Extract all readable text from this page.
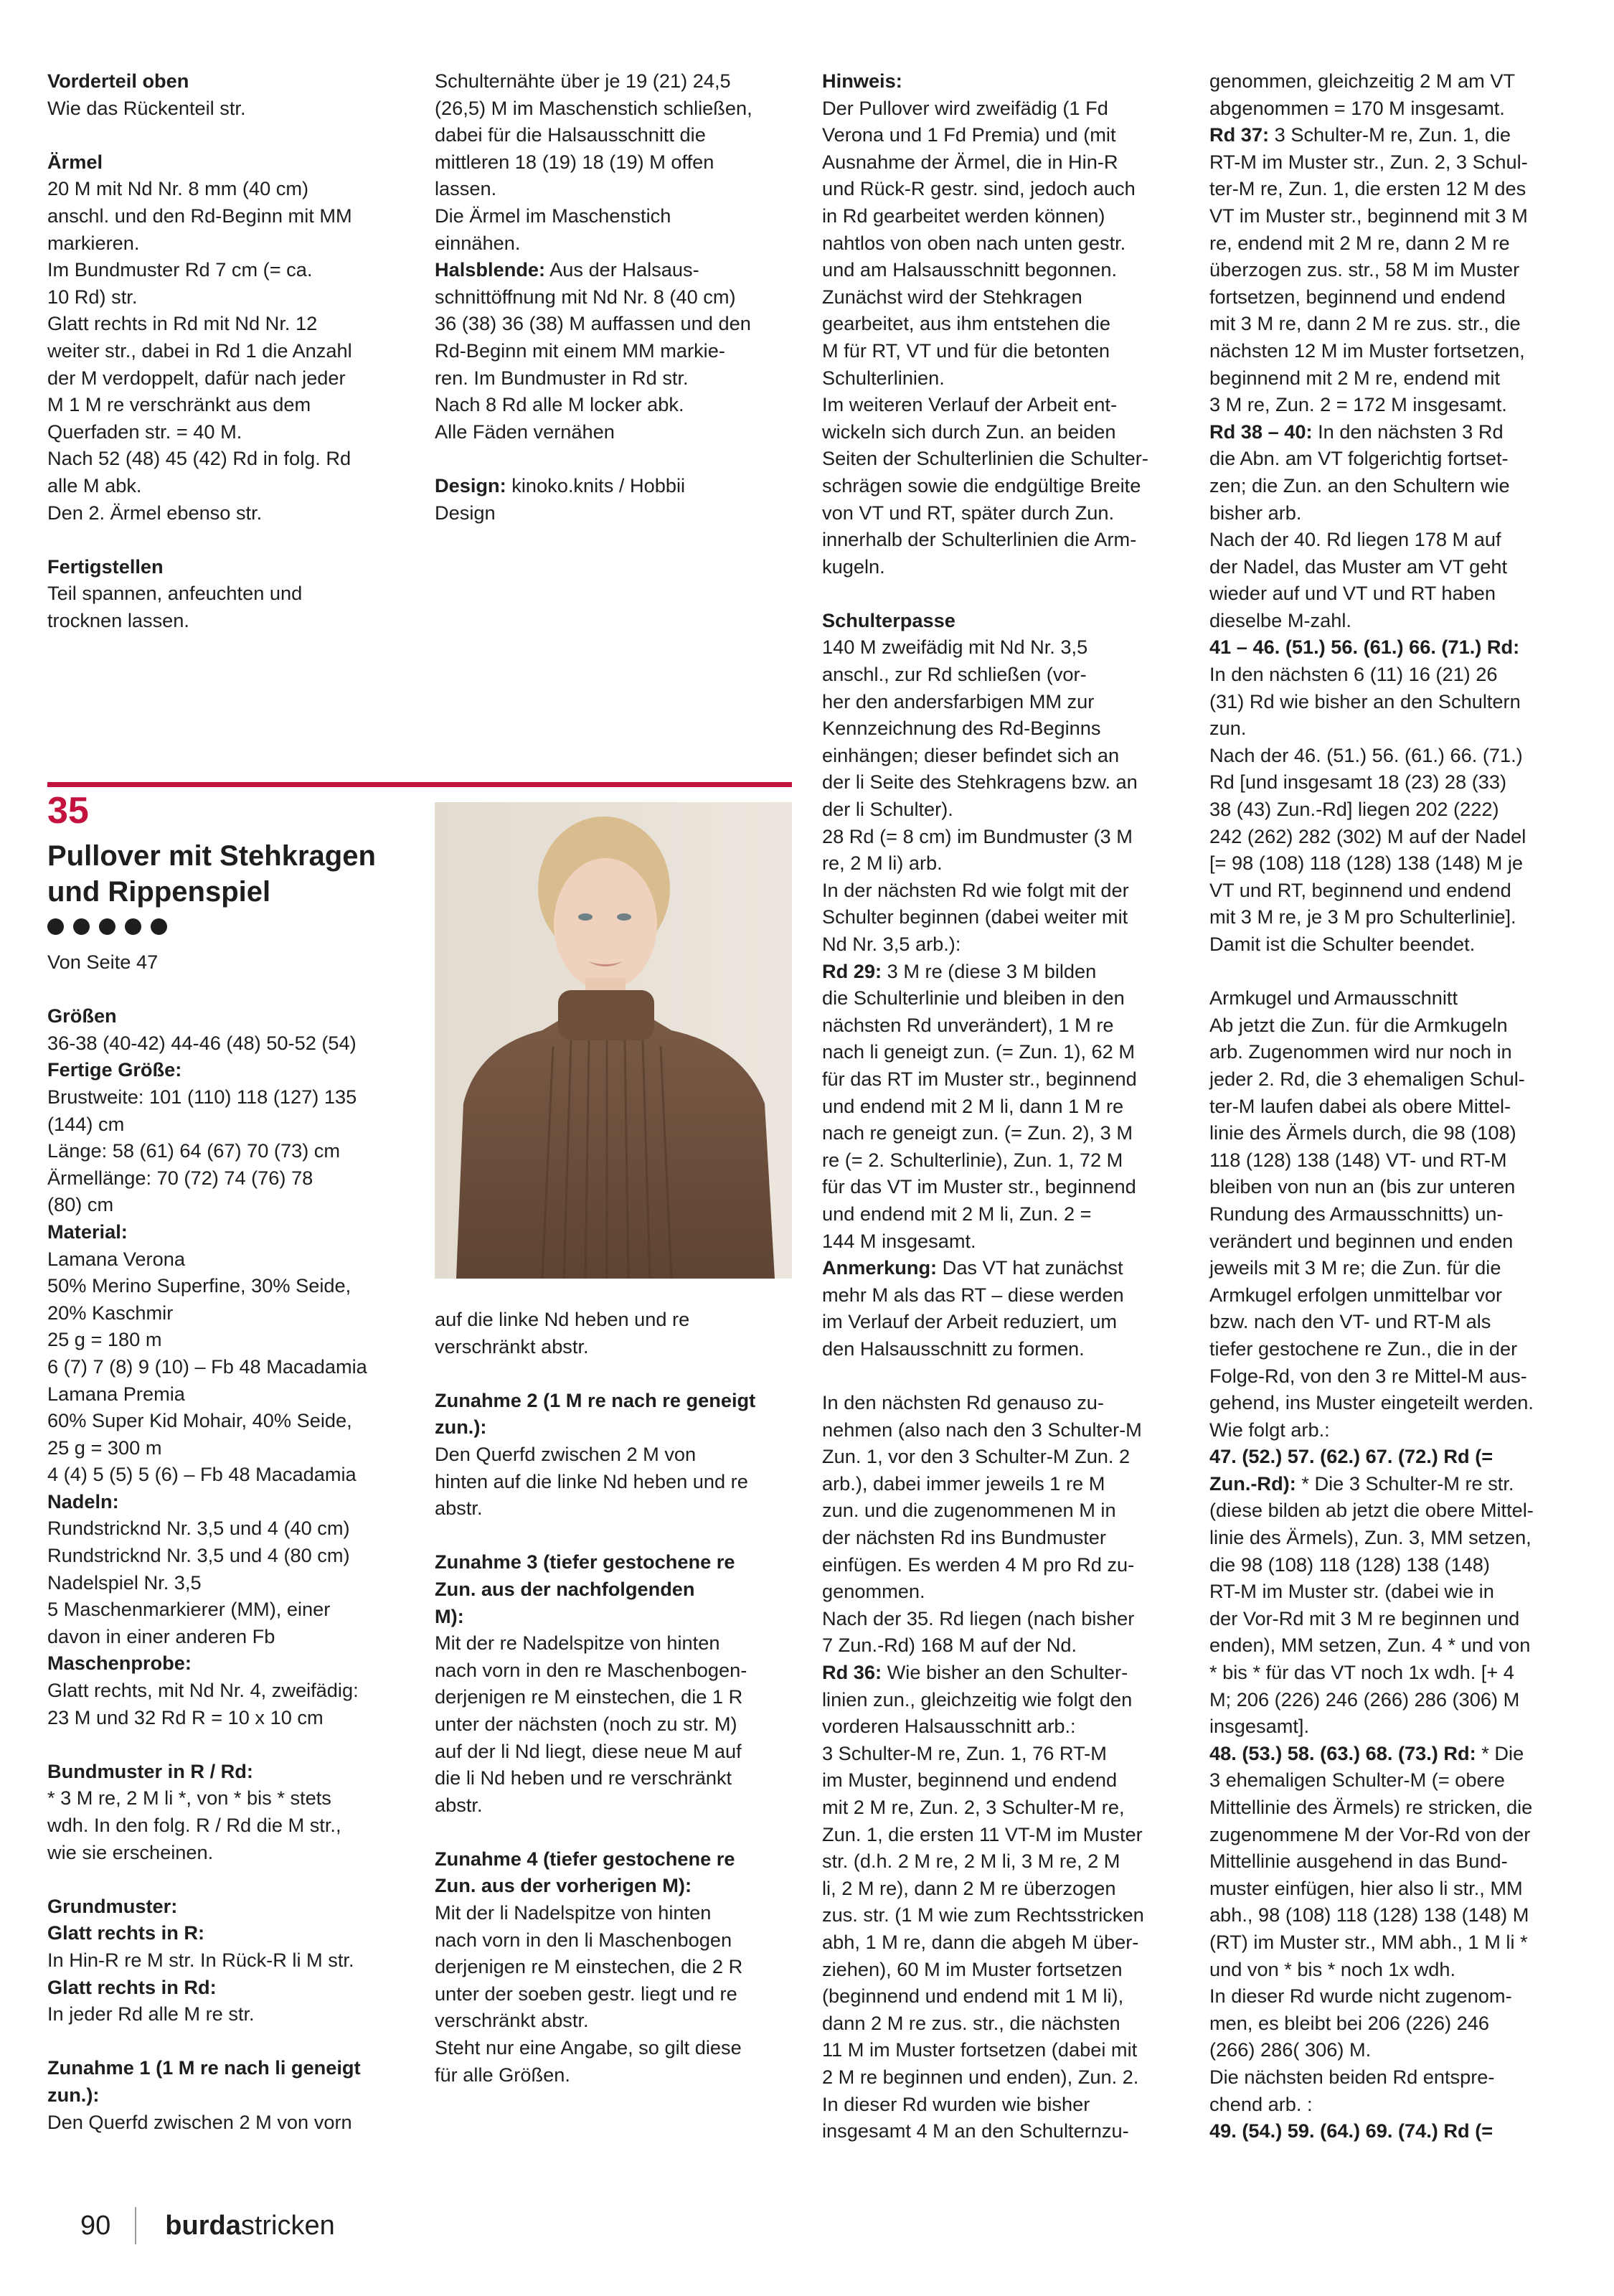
Vorderteil oben

Wie das Rückenteil str.

Ärmel

20 M mit Nd Nr. 8 mm (40 cm)

anschl. und den Rd-Beginn mit MM

markieren.

Im Bundmuster Rd 7 cm (= ca.

10 Rd) str.

Glatt rechts in Rd mit Nd Nr. 12

weiter str., dabei in Rd 1 die Anzahl

der M verdoppelt, dafür nach jeder

M 1 M re verschränkt aus dem

Querfaden str. = 40 M.

Nach 52 (48) 45 (42) Rd in folg. Rd

alle M abk.

Den 2. Ärmel ebenso str.

Fertigstellen

Teil spannen, anfeuchten und

trocknen lassen.

Schulternähte über je 19 (21) 24,5

(26,5) M im Maschenstich schließen,

dabei für die Halsausschnitt die

mittleren 18 (19) 18 (19) M offen

lassen.

Die Ärmel im Maschenstich

einnähen.

Halsblende: Aus der Halsaus-

schnittöffnung mit Nd Nr. 8 (40 cm)

36 (38) 36 (38) M auffassen und den

Rd-Beginn mit einem MM markie-

ren. Im Bundmuster in Rd str.

Nach 8 Rd alle M locker abk.

Alle Fäden vernähen

Design: kinoko.knits / Hobbii

Design

Hinweis:

Der Pullover wird zweifädig (1 Fd

Verona und 1 Fd Premia) und (mit

Ausnahme der Ärmel, die in Hin-R

und Rück-R gestr. sind, jedoch auch

in Rd gearbeitet werden können)

nahtlos von oben nach unten gestr.

und am Halsausschnitt begonnen.

Zunächst wird der Stehkragen

gearbeitet, aus ihm entstehen die

M für RT, VT und für die betonten

Schulterlinien.

Im weiteren Verlauf der Arbeit ent-

wickeln sich durch Zun. an beiden

Seiten der Schulterlinien die Schulter-

schrägen sowie die endgültige Breite

von VT und RT, später durch Zun.

innerhalb der Schulterlinien die Arm-

kugeln.

Schulterpasse

140 M zweifädig mit Nd Nr. 3,5

anschl., zur Rd schließen (vor-

her den andersfarbigen MM zur

Kennzeichnung des Rd-Beginns

einhängen; dieser befindet sich an

der li Seite des Stehkragens bzw. an

der li Schulter).

28 Rd (= 8 cm) im Bundmuster (3 M

re, 2 M li) arb.

In der nächsten Rd wie folgt mit der

Schulter beginnen (dabei weiter mit

Nd Nr. 3,5 arb.):

Rd 29: 3 M re (diese 3 M bilden

die Schulterlinie und bleiben in den

nächsten Rd unverändert), 1 M re

nach li geneigt zun. (= Zun. 1), 62 M

für das RT im Muster str., beginnend

und endend mit 2 M li, dann 1 M re

nach re geneigt zun. (= Zun. 2), 3 M

re (= 2. Schulterlinie), Zun. 1, 72 M

für das VT im Muster str., beginnend

und endend mit 2 M li, Zun. 2 =

144 M insgesamt.

Anmerkung: Das VT hat zunächst

mehr M als das RT – diese werden

im Verlauf der Arbeit reduziert, um

den Halsausschnitt zu formen.

In den nächsten Rd genauso zu-

nehmen (also nach den 3 Schulter-M

Zun. 1, vor den 3 Schulter-M Zun. 2

arb.), dabei immer jeweils 1 re M

zun. und die zugenommenen M in

der nächsten Rd ins Bundmuster

einfügen. Es werden 4 M pro Rd zu-

genommen.

Nach der 35. Rd liegen (nach bisher

7 Zun.-Rd) 168 M auf der Nd.

Rd 36: Wie bisher an den Schulter-

linien zun., gleichzeitig wie folgt den

vorderen Halsausschnitt arb.:

3 Schulter-M re, Zun. 1, 76 RT-M

im Muster, beginnend und endend

mit 2 M re, Zun. 2, 3 Schulter-M re,

Zun. 1, die ersten 11 VT-M im Muster

str. (d.h. 2 M re, 2 M li, 3 M re, 2 M

li, 2 M re), dann 2 M re überzogen

zus. str. (1 M wie zum Rechtsstricken

abh, 1 M re, dann die abgeh M über-

ziehen), 60 M im Muster fortsetzen

(beginnend und endend mit 1 M li),

dann 2 M re zus. str., die nächsten

11 M im Muster fortsetzen (dabei mit

2 M re beginnen und enden), Zun. 2.

In dieser Rd wurden wie bisher

insgesamt 4 M an den Schulternzu-

genommen, gleichzeitig 2 M am VT

abgenommen = 170 M insgesamt.

Rd 37: 3 Schulter-M re, Zun. 1, die

RT-M im Muster str., Zun. 2, 3 Schul-

ter-M re, Zun. 1, die ersten 12 M des

VT im Muster str., beginnend mit 3 M

re, endend mit 2 M re, dann 2 M re

überzogen zus. str., 58 M im Muster

fortsetzen, beginnend und endend

mit 3 M re, dann 2 M re zus. str., die

nächsten 12 M im Muster fortsetzen,

beginnend mit 2 M re, endend mit

3 M re, Zun. 2 = 172 M insgesamt.

Rd 38 – 40: In den nächsten 3 Rd

die Abn. am VT folgerichtig fortset-

zen; die Zun. an den Schultern wie

bisher arb.

Nach der 40. Rd liegen 178 M auf

der Nadel, das Muster am VT geht

wieder auf und VT und RT haben

dieselbe M-zahl.

41 – 46. (51.) 56. (61.) 66. (71.) Rd:

In den nächsten 6 (11) 16 (21) 26

(31) Rd wie bisher an den Schultern

zun.

Nach der 46. (51.) 56. (61.) 66. (71.)

Rd [und insgesamt 18 (23) 28 (33)

38 (43) Zun.-Rd] liegen 202 (222)

242 (262) 282 (302) M auf der Nadel

[= 98 (108) 118 (128) 138 (148) M je

VT und RT, beginnend und endend

mit 3 M re, je 3 M pro Schulterlinie].

Damit ist die Schulter beendet.

Armkugel und Armausschnitt

Ab jetzt die Zun. für die Armkugeln

arb. Zugenommen wird nur noch in

jeder 2. Rd, die 3 ehemaligen Schul-

ter-M laufen dabei als obere Mittel-

linie des Ärmels durch, die 98 (108)

118 (128) 138 (148) VT- und RT-M

bleiben von nun an (bis zur unteren

Rundung des Armausschnitts) un-

verändert und beginnen und enden

jeweils mit 3 M re; die Zun. für die

Armkugel erfolgen unmittelbar vor

bzw. nach den VT- und RT-M als

tiefer gestochene re Zun., die in der

Folge-Rd, von den 3 re Mittel-M aus-

gehend, ins Muster eingeteilt werden.

Wie folgt arb.:

47. (52.) 57. (62.) 67. (72.) Rd (=

Zun.-Rd): * Die 3 Schulter-M re str.

(diese bilden ab jetzt die obere Mittel-

linie des Ärmels), Zun. 3, MM setzen,

die 98 (108) 118 (128) 138 (148)

RT-M im Muster str. (dabei wie in

der Vor-Rd mit 3 M re beginnen und

enden), MM setzen, Zun. 4 * und von

* bis * für das VT noch 1x wdh. [+ 4

M; 206 (226) 246 (266) 286 (306) M

insgesamt].

48. (53.) 58. (63.) 68. (73.) Rd: * Die

3 ehemaligen Schulter-M (= obere

Mittellinie des Ärmels) re stricken, die

zugenommene M der Vor-Rd von der

Mittellinie ausgehend in das Bund-

muster einfügen, hier also li str., MM

abh., 98 (108) 118 (128) 138 (148) M

(RT) im Muster str., MM abh., 1 M li *

und von * bis * noch 1x wdh.

In dieser Rd wurde nicht zugenom-

men, es bleibt bei 206 (226) 246

(266) 286( 306) M.

Die nächsten beiden Rd entspre-

chend arb. :

49. (54.) 59. (64.) 69. (74.) Rd (=

35
Pullover mit Stehkragen
und Rippenspiel

Von Seite 47

Größen

36-38 (40-42) 44-46 (48) 50-52 (54)

Fertige Größe:

Brustweite: 101 (110) 118 (127) 135

(144) cm

Länge: 58 (61) 64 (67) 70 (73) cm

Ärmellänge: 70 (72) 74 (76) 78

(80) cm

Material:

Lamana Verona

50% Merino Superfine, 30% Seide,

20% Kaschmir

25 g = 180 m

6 (7) 7 (8) 9 (10) – Fb 48 Macadamia

Lamana Premia

60% Super Kid Mohair, 40% Seide,

25 g = 300 m

4 (4) 5 (5) 5 (6) – Fb 48 Macadamia

Nadeln:

Rundstricknd Nr. 3,5 und 4 (40 cm)

Rundstricknd Nr. 3,5 und 4 (80 cm)

Nadelspiel Nr. 3,5

5 Maschenmarkierer (MM), einer

davon in einer anderen Fb

Maschenprobe:

Glatt rechts, mit Nd Nr. 4, zweifädig:

23 M und 32 Rd R = 10 x 10 cm

Bundmuster in R / Rd:

* 3 M re, 2 M li *, von * bis * stets

wdh. In den folg. R / Rd die M str.,

wie sie erscheinen.

Grundmuster:

Glatt rechts in R:

In Hin-R re M str. In Rück-R li M str.

Glatt rechts in Rd:

In jeder Rd alle M re str.

Zunahme 1 (1 M re nach li geneigt

zun.):

Den Querfd zwischen 2 M von vorn

auf die linke Nd heben und re

verschränkt abstr.

Zunahme 2 (1 M re nach re geneigt

zun.):

Den Querfd zwischen 2 M von

hinten auf die linke Nd heben und re

abstr.

Zunahme 3 (tiefer gestochene re

Zun. aus der nachfolgenden

M):

Mit der re Nadelspitze von hinten

nach vorn in den re Maschenbogen-

derjenigen re M einstechen, die 1 R

unter der nächsten (noch zu str. M)

auf der li Nd liegt, diese neue M auf

die li Nd heben und re verschränkt

abstr.

Zunahme 4 (tiefer gestochene re

Zun. aus der vorherigen M):

Mit der li Nadelspitze von hinten

nach vorn in den li Maschenbogen

derjenigen re M einstechen, die 2 R

unter der soeben gestr. liegt und re

verschränkt abstr.

Steht nur eine Angabe, so gilt diese

für alle Größen.

90 burdastricken
